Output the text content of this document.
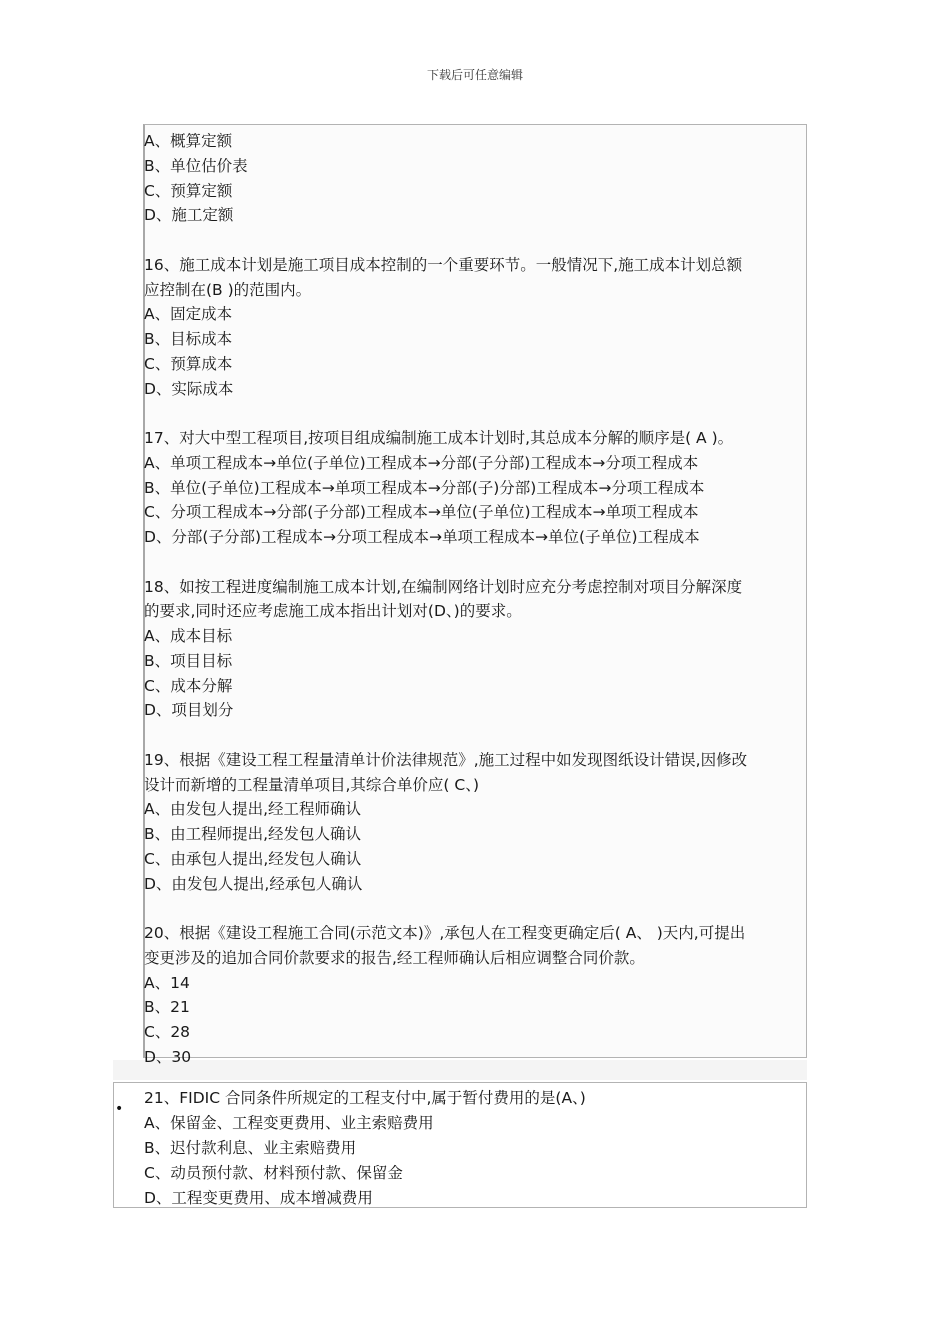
下载后可任意编辑
A、概算定额
B、单位估价表
C、预算定额
D、施工定额
16、施工成本计划是施工项目成本控制的一个重要环节。一般情况下,施工成本计划总额
应控制在(B )的范围内。
A、固定成本
B、目标成本
C、预算成本
D、实际成本
17、对大中型工程项目,按项目组成编制施工成本计划时,其总成本分解的顺序是( A )。
A、单项工程成本→单位(子单位)工程成本→分部(子分部)工程成本→分项工程成本
B、单位(子单位)工程成本→单项工程成本→分部(子)分部)工程成本→分项工程成本
C、分项工程成本→分部(子分部)工程成本→单位(子单位)工程成本→单项工程成本
D、分部(子分部)工程成本→分项工程成本→单项工程成本→单位(子单位)工程成本
18、如按工程进度编制施工成本计划,在编制网络计划时应充分考虑控制对项目分解深度
的要求,同时还应考虑施工成本指出计划对(D、)的要求。
A、成本目标
B、项目目标
C、成本分解
D、项目划分
19、根据《建设工程工程量清单计价法律规范》,施工过程中如发现图纸设计错误,因修改
设计而新增的工程量清单项目,其综合单价应( C、)
A、由发包人提出,经工程师确认
B、由工程师提出,经发包人确认
C、由承包人提出,经发包人确认
D、由发包人提出,经承包人确认
20、根据《建设工程施工合同(示范文本)》,承包人在工程变更确定后( A、 )天内,可提出
变更涉及的追加合同价款要求的报告,经工程师确认后相应调整合同价款。
A、14
B、21
C、28
D、30
•
21、FIDIC 合同条件所规定的工程支付中,属于暂付费用的是(A、)
A、保留金、工程变更费用、业主索赔费用
B、迟付款利息、业主索赔费用
C、动员预付款、材料预付款、保留金
D、工程变更费用、成本增减费用
